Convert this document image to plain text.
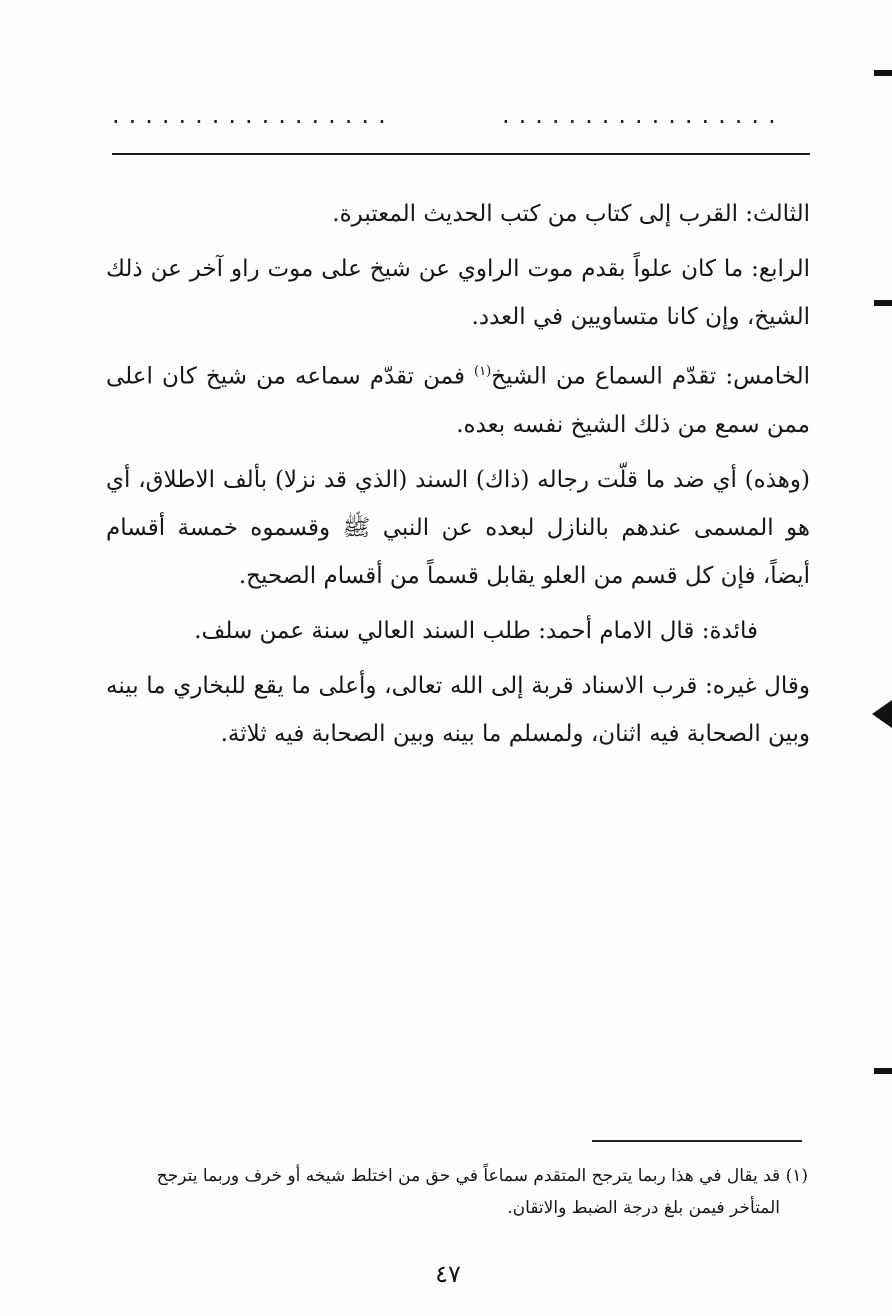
·················	·················

الثالث: القرب إلى كتاب من كتب الحديث المعتبرة.

الرابع: ما كان علواً بقدم موت الراوي عن شيخ على موت راو آخر عن ذلك الشيخ، وإن كانا متساويين في العدد.

الخامس: تقدّم السماع من الشيخ$^{(١)}$ فمن تقدّم سماعه من شيخ كان اعلى ممن سمع من ذلك الشيخ نفسه بعده.

(وهذه) أي ضد ما قلّت رجاله (ذاك) السند (الذي قد نزلا) بألف الاطلاق، أي هو المسمى عندهم بالنازل لبعده عن النبي ﷺ وقسموه خمسة أقسام أيضاً، فإن كل قسم من العلو يقابل قسماً من أقسام الصحيح.

فائدة: قال الامام أحمد: طلب السند العالي سنة عمن سلف.

وقال غيره: قرب الاسناد قربة إلى الله تعالى، وأعلى ما يقع للبخاري ما بينه وبين الصحابة فيه اثنان، ولمسلم ما بينه وبين الصحابة فيه ثلاثة.

(١) قد يقال في هذا ربما يترجح المتقدم سماعاً في حق من اختلط شيخه أو خرف وربما يترجح
المتأخر فيمن بلغ درجة الضبط والاتقان.
٤٧
